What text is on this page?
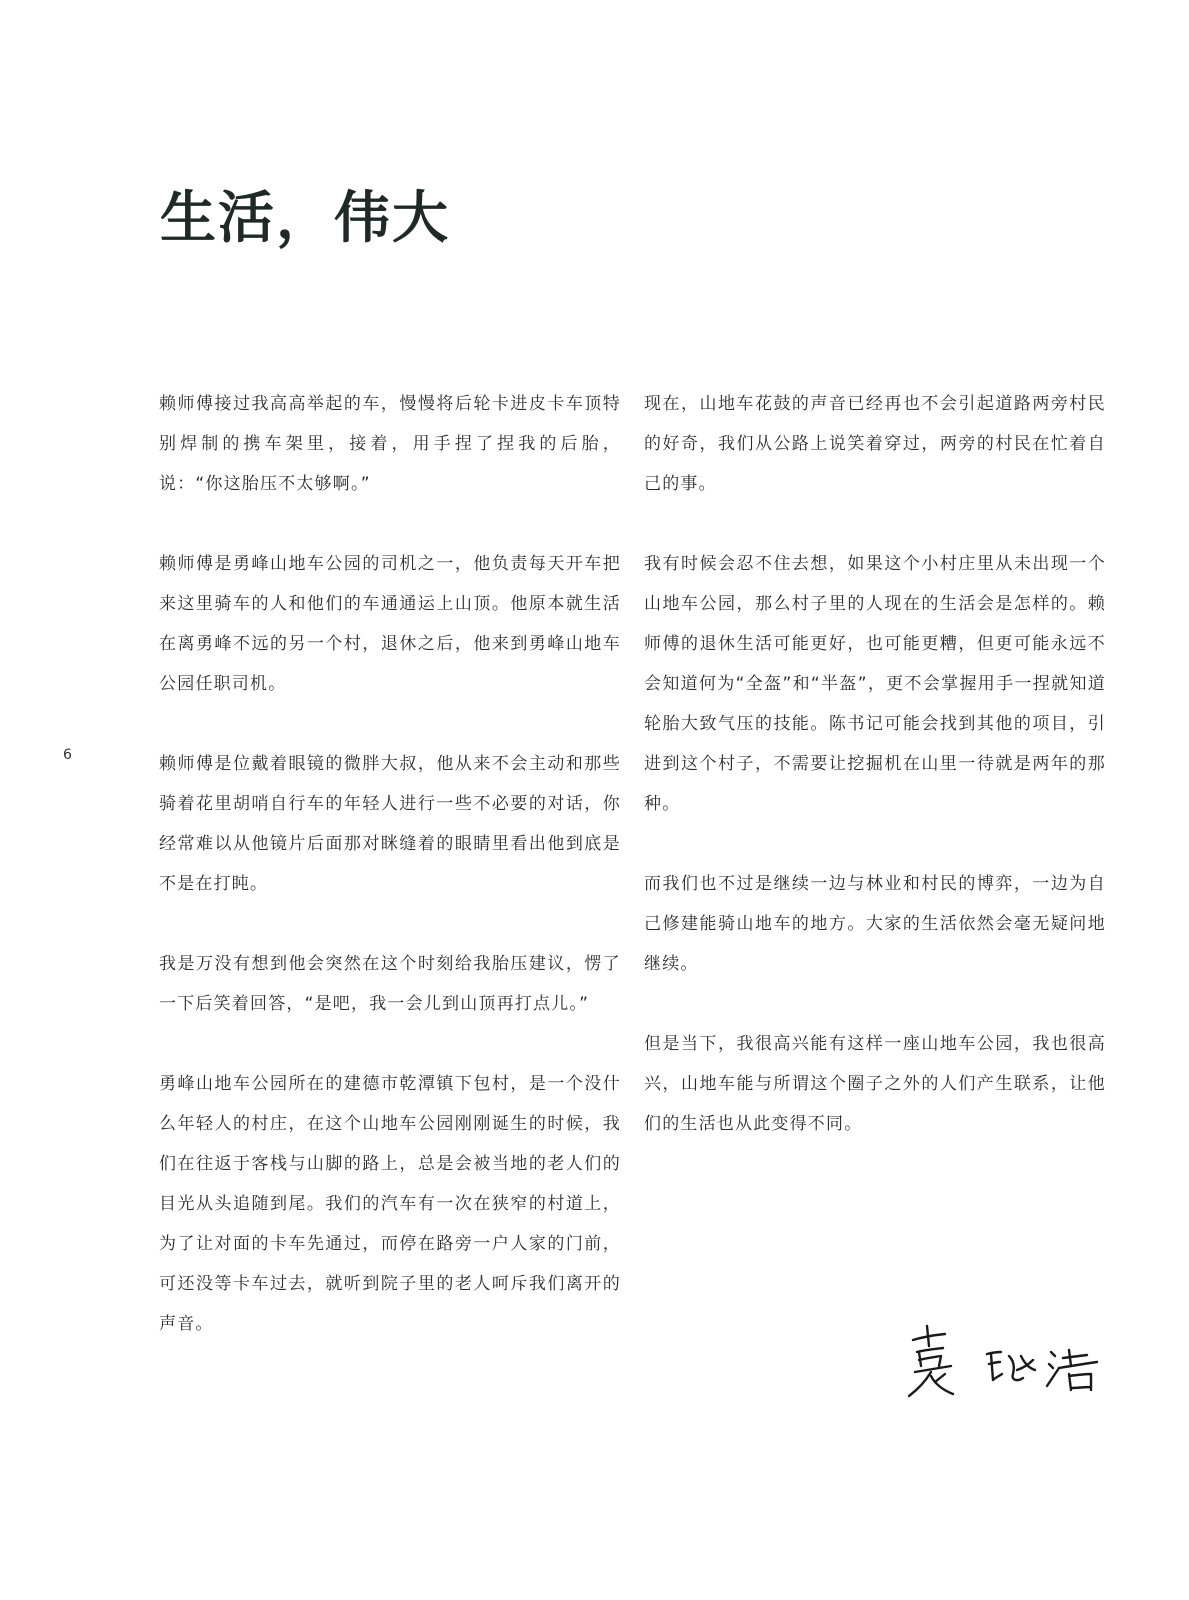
生活，伟大
6

赖师傅接过我高高举起的车，慢慢将后轮卡进皮卡车顶特别焊制的携车架里，接着，用手捏了捏我的后胎，说：“你这胎压不太够啊。”

赖师傅是勇峰山地车公园的司机之一，他负责每天开车把来这里骑车的人和他们的车通通运上山顶。他原本就生活在离勇峰不远的另一个村，退休之后，他来到勇峰山地车公园任职司机。

赖师傅是位戴着眼镜的微胖大叔，他从来不会主动和那些骑着花里胡哨自行车的年轻人进行一些不必要的对话，你经常难以从他镜片后面那对眯缝着的眼睛里看出他到底是不是在打盹。

我是万没有想到他会突然在这个时刻给我胎压建议，愣了一下后笑着回答，“是吧，我一会儿到山顶再打点儿。”

勇峰山地车公园所在的建德市乾潭镇下包村，是一个没什么年轻人的村庄，在这个山地车公园刚刚诞生的时候，我们在往返于客栈与山脚的路上，总是会被当地的老人们的目光从头追随到尾。我们的汽车有一次在狭窄的村道上，为了让对面的卡车先通过，而停在路旁一户人家的门前，可还没等卡车过去，就听到院子里的老人呵斥我们离开的声音。

现在，山地车花鼓的声音已经再也不会引起道路两旁村民的好奇，我们从公路上说笑着穿过，两旁的村民在忙着自己的事。

我有时候会忍不住去想，如果这个小村庄里从未出现一个山地车公园，那么村子里的人现在的生活会是怎样的。赖师傅的退休生活可能更好，也可能更糟，但更可能永远不会知道何为“全盔”和“半盔”，更不会掌握用手一捏就知道轮胎大致气压的技能。陈书记可能会找到其他的项目，引进到这个村子，不需要让挖掘机在山里一待就是两年的那种。

而我们也不过是继续一边与林业和村民的博弈，一边为自己修建能骑山地车的地方。大家的生活依然会毫无疑问地继续。

但是当下，我很高兴能有这样一座山地车公园，我也很高兴，山地车能与所谓这个圈子之外的人们产生联系，让他们的生活也从此变得不同。
